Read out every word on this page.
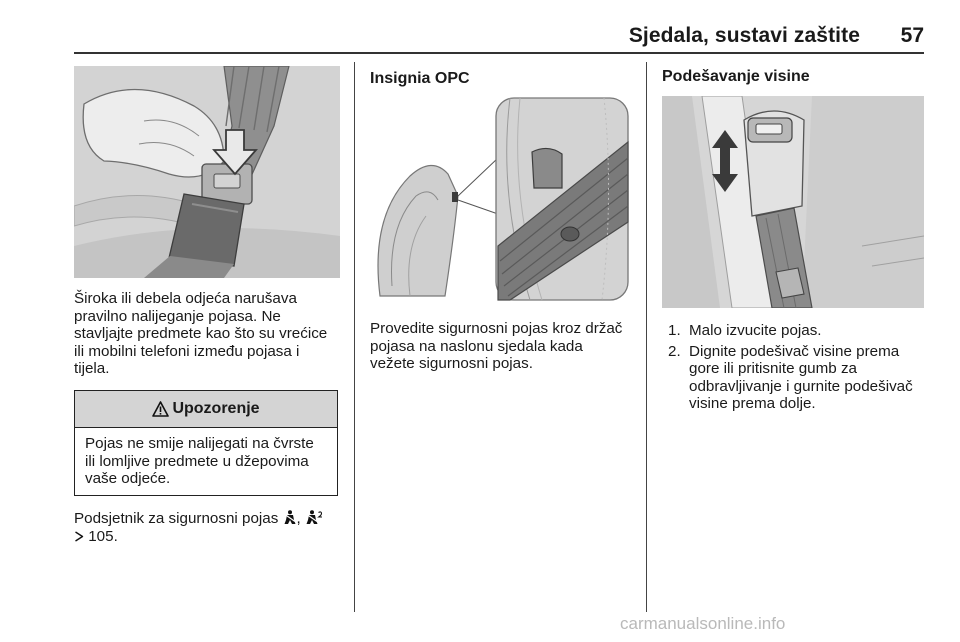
Sjedala, sustavi zaštite	57
Široka ili debela odjeća narušava
pravilno nalijeganje pojasa. Ne
stavljajte predmete kao što su vrećice
ili mobilni telefoni između pojasa i
tijela.
Upozorenje
Pojas ne smije nalijegati na čvrste
ili lomljive predmete u džepovima
vaše odjeće.
Podsjetnik za sigurnosni pojas ,
105.
Insignia OPC
Provedite sigurnosni pojas kroz držač
pojasa na naslonu sjedala kada
vežete sigurnosni pojas.
Podešavanje visine
1. Malo izvucite pojas.
2. Dignite podešivač visine prema
gore ili pritisnite gumb za
odbravljivanje i gurnite podešivač
visine prema dolje.
carmanualsonline.info
